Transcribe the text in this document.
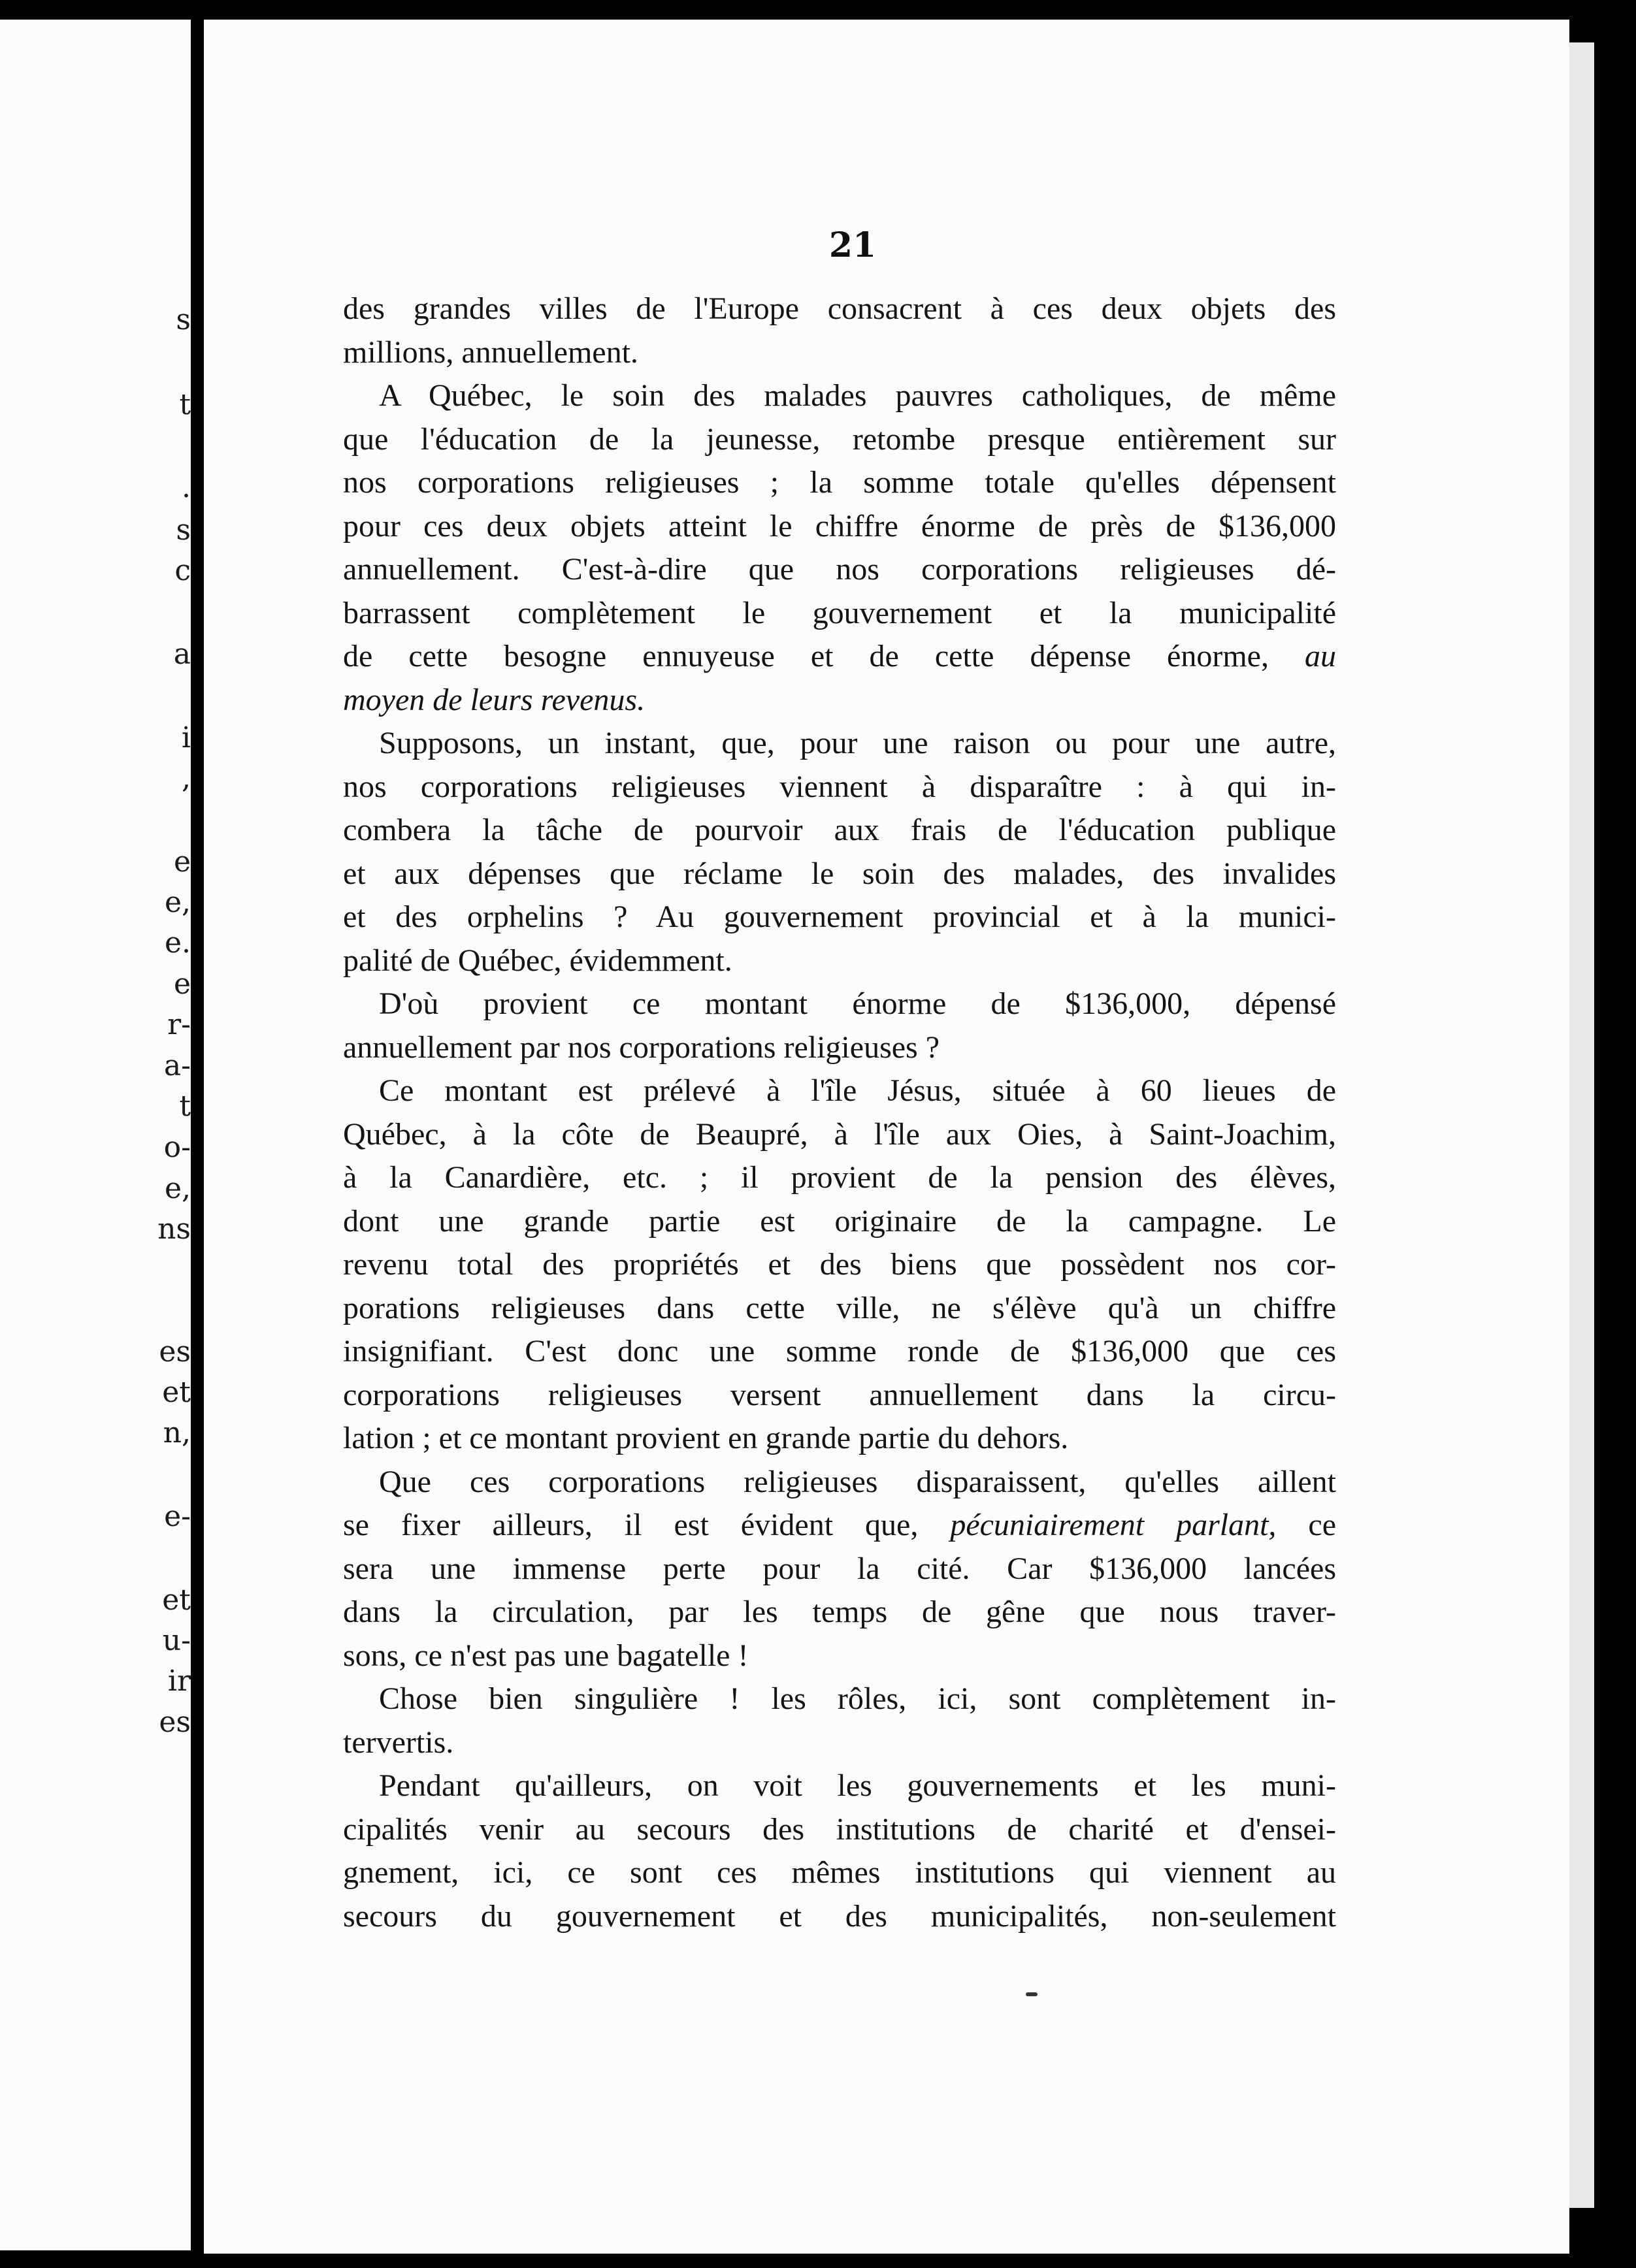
s
t
.
s
c
a
i
,
e
e,
e.
e
r-
a-
t
o-
e,
ns
es
et
n,
e-
et
u-
ir
es
21
des grandes villes de l'Europe consacrent à ces deux objets des
millions, annuellement.
A Québec, le soin des malades pauvres catholiques, de même
que l'éducation de la jeunesse, retombe presque entièrement sur
nos corporations religieuses ; la somme totale qu'elles dépensent
pour ces deux objets atteint le chiffre énorme de près de $136,000
annuellement. C'est-à-dire que nos corporations religieuses dé-
barrassent complètement le gouvernement et la municipalité
de cette besogne ennuyeuse et de cette dépense énorme, au
moyen de leurs revenus.
Supposons, un instant, que, pour une raison ou pour une autre,
nos corporations religieuses viennent à disparaître : à qui in-
combera la tâche de pourvoir aux frais de l'éducation publique
et aux dépenses que réclame le soin des malades, des invalides
et des orphelins ? Au gouvernement provincial et à la munici-
palité de Québec, évidemment.
D'où provient ce montant énorme de $136,000, dépensé
annuellement par nos corporations religieuses ?
Ce montant est prélevé à l'île Jésus, située à 60 lieues de
Québec, à la côte de Beaupré, à l'île aux Oies, à Saint-Joachim,
à la Canardière, etc. ; il provient de la pension des élèves,
dont une grande partie est originaire de la campagne. Le
revenu total des propriétés et des biens que possèdent nos cor-
porations religieuses dans cette ville, ne s'élève qu'à un chiffre
insignifiant. C'est donc une somme ronde de $136,000 que ces
corporations religieuses versent annuellement dans la circu-
lation ; et ce montant provient en grande partie du dehors.
Que ces corporations religieuses disparaissent, qu'elles aillent
se fixer ailleurs, il est évident que, pécuniairement parlant, ce
sera une immense perte pour la cité. Car $136,000 lancées
dans la circulation, par les temps de gêne que nous traver-
sons, ce n'est pas une bagatelle !
Chose bien singulière ! les rôles, ici, sont complètement in-
tervertis.
Pendant qu'ailleurs, on voit les gouvernements et les muni-
cipalités venir au secours des institutions de charité et d'ensei-
gnement, ici, ce sont ces mêmes institutions qui viennent au
secours du gouvernement et des municipalités, non-seulement
